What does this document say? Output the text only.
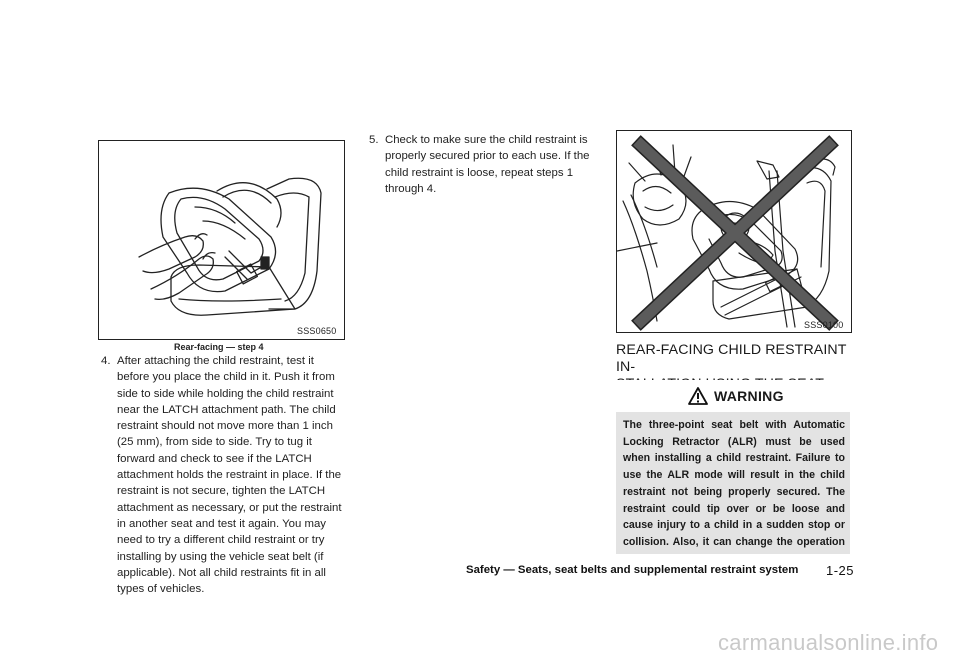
SSS0650
Rear-facing — step 4
4. After attaching the child restraint, test it before you place the child in it. Push it from side to side while holding the child restraint near the LATCH attachment path. The child restraint should not move more than 1 inch (25 mm), from side to side. Try to tug it forward and check to see if the LATCH attachment holds the restraint in place. If the restraint is not secure, tighten the LATCH attachment as necessary, or put the restraint in another seat and test it again. You may need to try a different child restraint or try installing by using the vehicle seat belt (if applicable). Not all child restraints fit in all types of vehicles.
5. Check to make sure the child restraint is properly secured prior to each use. If the child restraint is loose, repeat steps 1 through 4.
SSS0100
REAR-FACING CHILD RESTRAINT IN-
WARNING

The three-point seat belt with Automatic Locking Retractor (ALR) must be used when installing a child restraint. Failure to use the ALR mode will result in the child restraint not being properly secured. The restraint could tip over or be loose and cause injury to a child in a sudden stop or collision. Also, it can change the operation

Safety — Seats, seat belts and supplemental restraint system 1-25
carmanualsonline.info
